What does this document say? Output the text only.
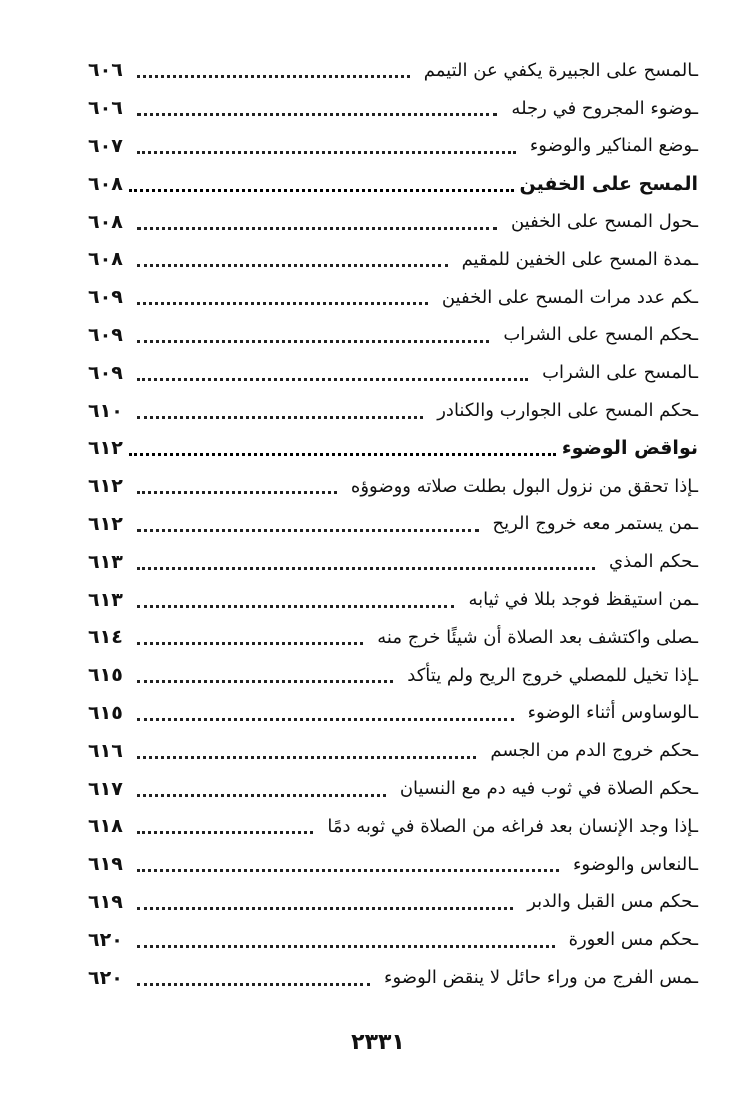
ـالمسح على الجبيرة يكفي عن التيمم
٦٠٦
ـوضوء المجروح في رجله
٦٠٦
ـوضع المناكير والوضوء
٦٠٧
المسح على الخفين
٦٠٨
ـحول المسح على الخفين
٦٠٨
ـمدة المسح على الخفين للمقيم
٦٠٨
ـكم عدد مرات المسح على الخفين
٦٠٩
ـحكم المسح على الشراب
٦٠٩
ـالمسح على الشراب
٦٠٩
ـحكم المسح على الجوارب والكنادر
٦١٠
نواقض الوضوء
٦١٢
ـإذا تحقق من نزول البول بطلت صلاته ووضوؤه
٦١٢
ـمن يستمر معه خروج الريح
٦١٢
ـحكم المذي
٦١٣
ـمن استيقظ فوجد بللا في ثيابه
٦١٣
ـصلى واكتشف بعد الصلاة أن شيئًا خرج منه
٦١٤
ـإذا تخيل للمصلي خروج الريح ولم يتأكد
٦١٥
ـالوساوس أثناء الوضوء
٦١٥
ـحكم خروج الدم من الجسم
٦١٦
ـحكم الصلاة في ثوب فيه دم مع النسيان
٦١٧
ـإذا وجد الإنسان بعد فراغه من الصلاة في ثوبه دمًا
٦١٨
ـالنعاس والوضوء
٦١٩
ـحكم مس القبل والدبر
٦١٩
ـحكم مس العورة
٦٢٠
ـمس الفرج من وراء حائل لا ينقض الوضوء
٦٢٠
٢٣٣١
